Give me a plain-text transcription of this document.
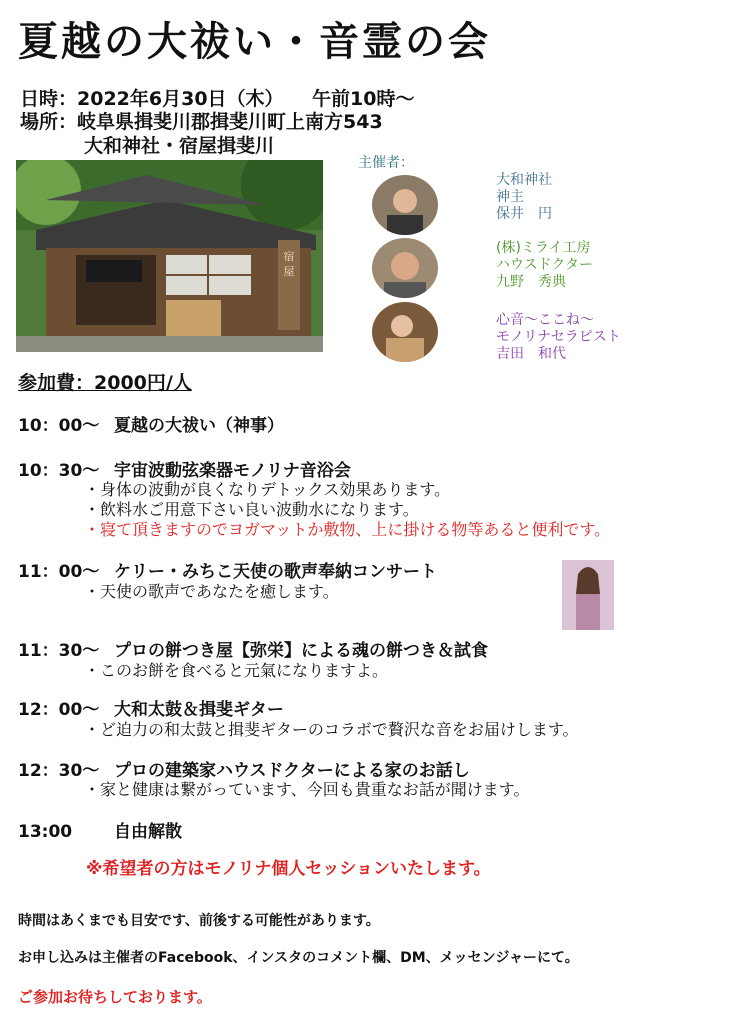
夏越の大祓い・音霊の会
日時：2022年6月30日（木）　　午前10時～
場所：岐阜県揖斐川郡揖斐川町上南方543
大和神社・宿屋揖斐川
宿
屋
主催者：
大和神社
神主
保井　円
(株)ミライ工房
ハウスドクター
九野　秀典
心音～ここね～
モノリナセラピスト
吉田　和代
参加費：2000円/人
10：00～ 夏越の大祓い（神事）
10：30～ 宇宙波動弦楽器モノリナ音浴会
・身体の波動が良くなりデトックス効果あります。
・飲料水ご用意下さい良い波動水になります。
・寝て頂きますのでヨガマットか敷物、上に掛ける物等あると便利です。
11：00～ ケリー・みちこ天使の歌声奉納コンサート
・天使の歌声であなたを癒します。
11：30～ プロの餅つき屋【弥栄】による魂の餅つき＆試食
・このお餅を食べると元氣になりますよ。
12：00～ 大和太鼓＆揖斐ギター
・ど迫力の和太鼓と揖斐ギターのコラボで贅沢な音をお届けします。
12：30～ プロの建築家ハウスドクターによる家のお話し
・家と健康は繋がっています、今回も貴重なお話が聞けます。
13:00 自由解散
※希望者の方はモノリナ個人セッションいたします。
時間はあくまでも目安です、前後する可能性があります。
お申し込みは主催者のFacebook、インスタのコメント欄、DM、メッセンジャーにて。
ご参加お待ちしております。
